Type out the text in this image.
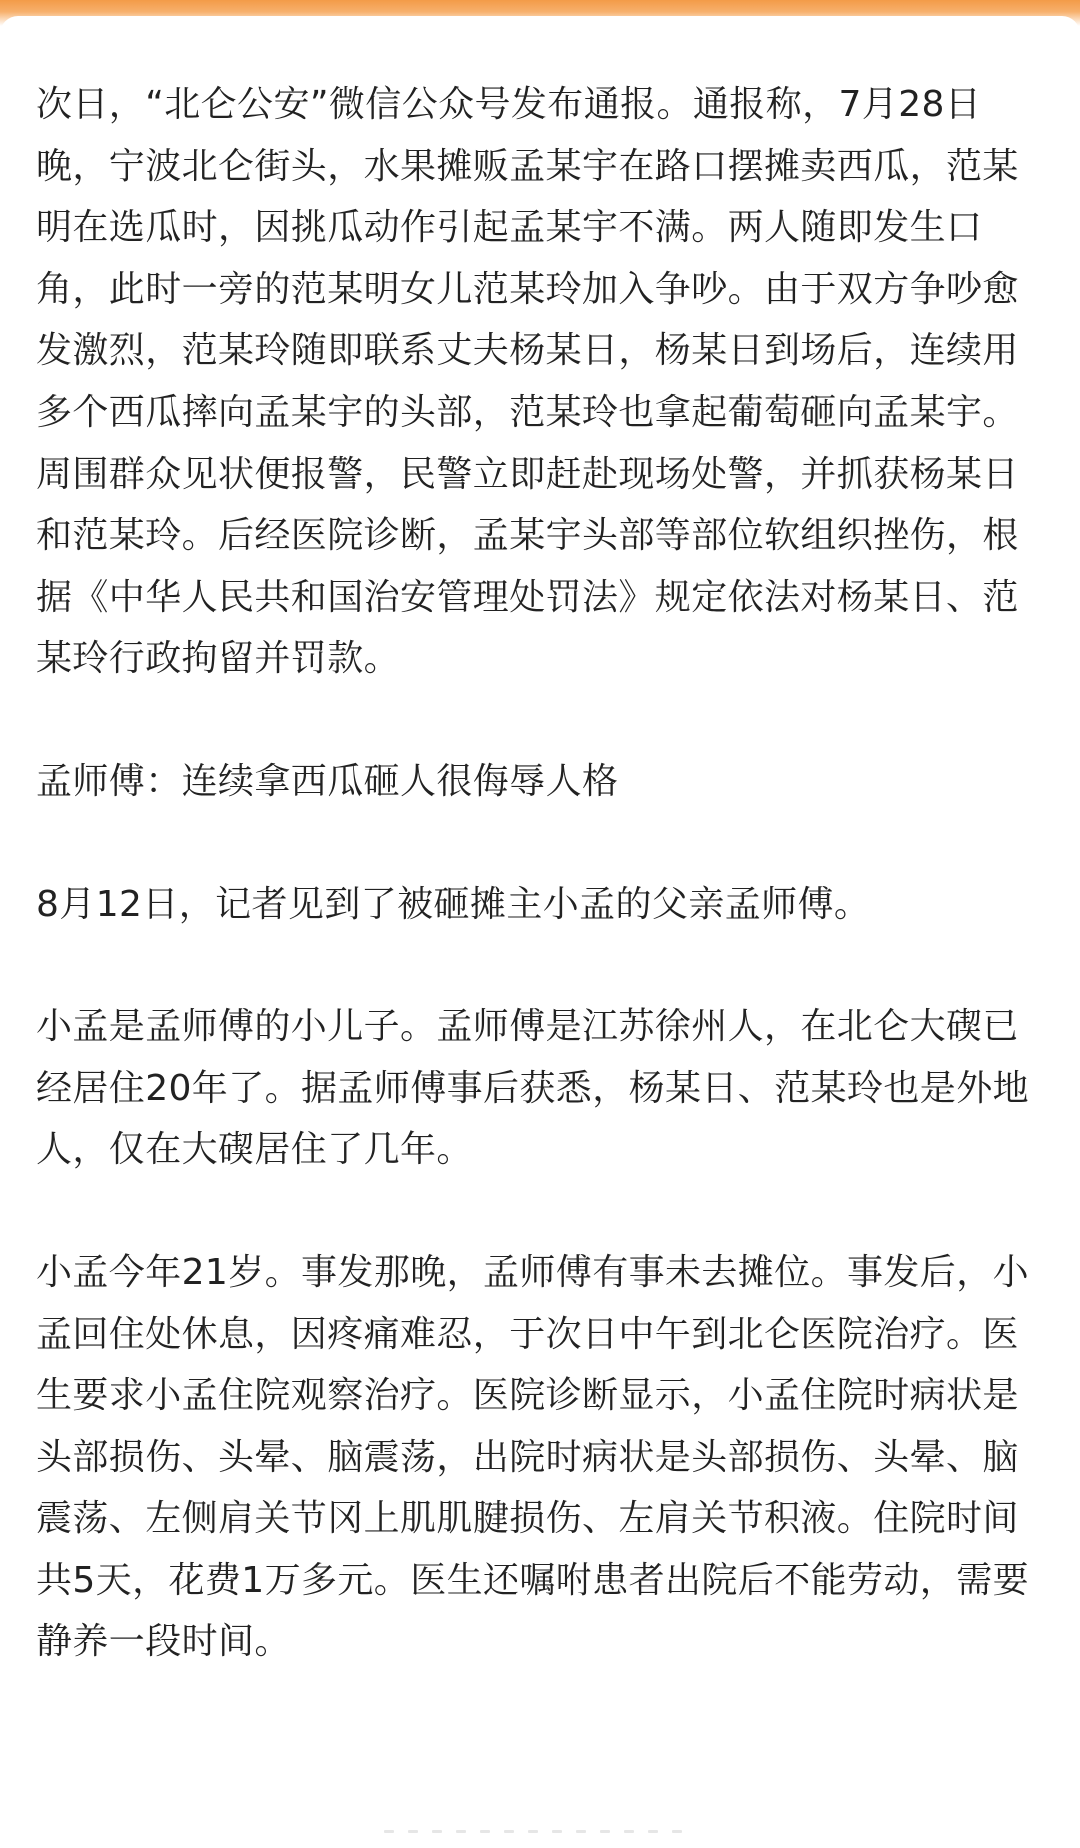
次日，“北仑公安”微信公众号发布通报。通报称，7月28日晚，宁波北仑街头，水果摊贩孟某宇在路口摆摊卖西瓜，范某明在选瓜时，因挑瓜动作引起孟某宇不满。两人随即发生口角，此时一旁的范某明女儿范某玲加入争吵。由于双方争吵愈发激烈，范某玲随即联系丈夫杨某日，杨某日到场后，连续用多个西瓜摔向孟某宇的头部，范某玲也拿起葡萄砸向孟某宇。周围群众见状便报警，民警立即赶赴现场处警，并抓获杨某日和范某玲。后经医院诊断，孟某宇头部等部位软组织挫伤，根据《中华人民共和国治安管理处罚法》规定依法对杨某日、范某玲行政拘留并罚款。

孟师傅：连续拿西瓜砸人很侮辱人格

8月12日，记者见到了被砸摊主小孟的父亲孟师傅。

小孟是孟师傅的小儿子。孟师傅是江苏徐州人，在北仑大碶已经居住20年了。据孟师傅事后获悉，杨某日、范某玲也是外地人，仅在大碶居住了几年。

小孟今年21岁。事发那晚，孟师傅有事未去摊位。事发后，小孟回住处休息，因疼痛难忍，于次日中午到北仑医院治疗。医生要求小孟住院观察治疗。医院诊断显示，小孟住院时病状是头部损伤、头晕、脑震荡，出院时病状是头部损伤、头晕、脑震荡、左侧肩关节冈上肌肌腱损伤、左肩关节积液。住院时间共5天，花费1万多元。医生还嘱咐患者出院后不能劳动，需要静养一段时间。
